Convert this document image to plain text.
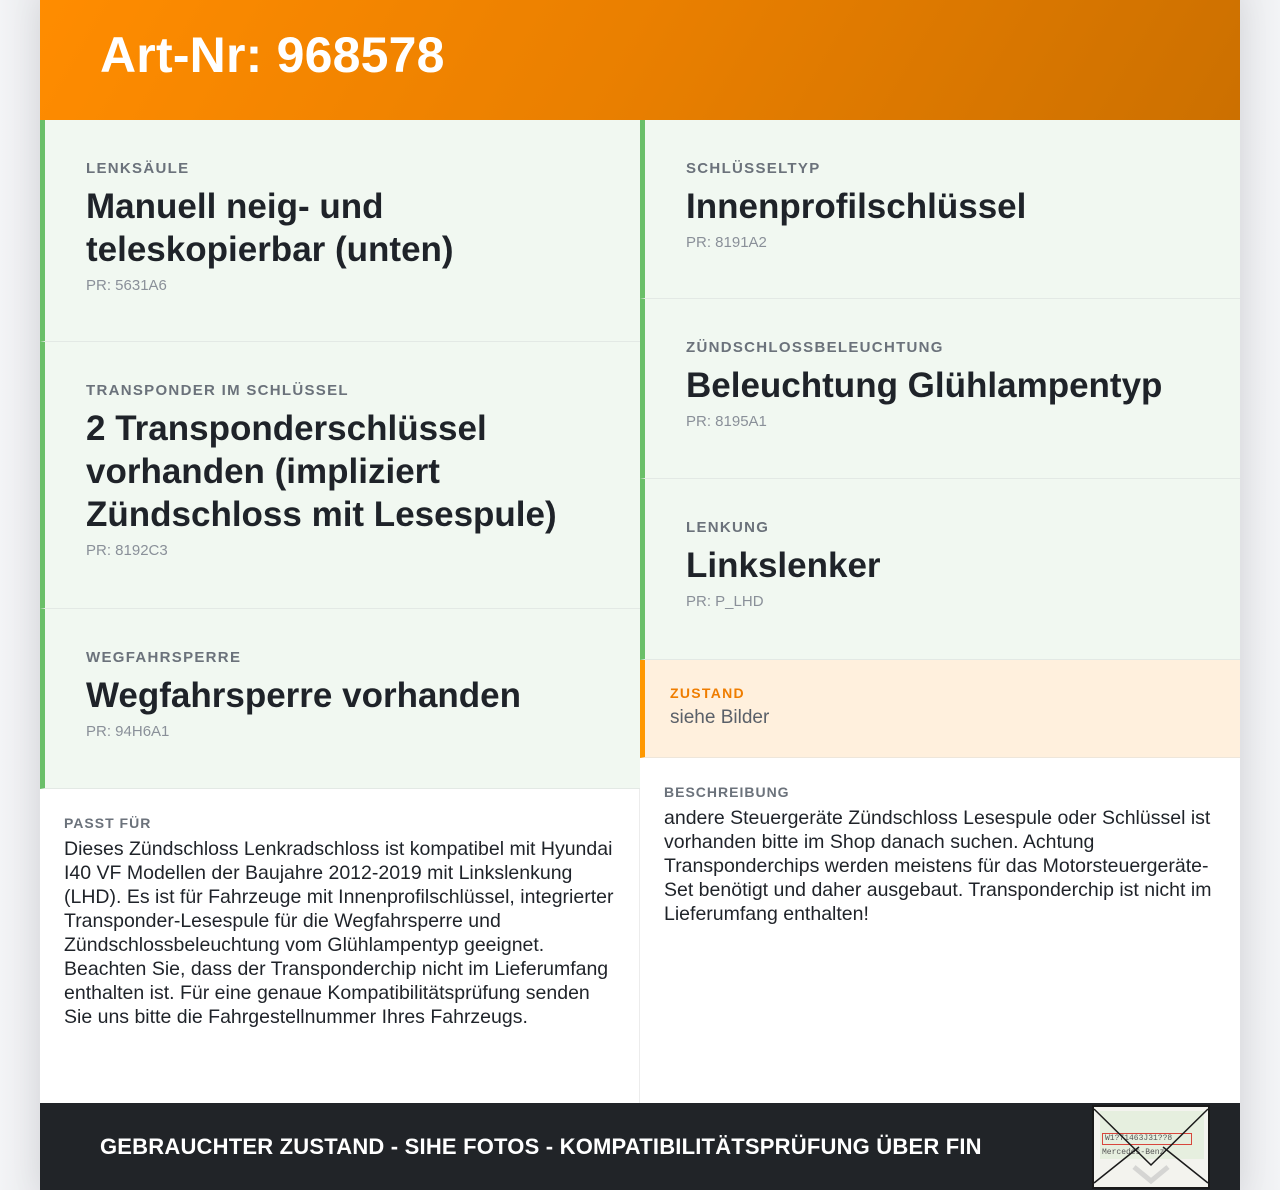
Art-Nr: 968578
LENKSÄULE
Manuell neig- und teleskopierbar (unten)
PR: 5631A6
TRANSPONDER IM SCHLÜSSEL
2 Transponderschlüssel vorhanden (impliziert Zündschloss mit Lesespule)
PR: 8192C3
WEGFAHRSPERRE
Wegfahrsperre vorhanden
PR: 94H6A1
PASST FÜR
Dieses Zündschloss Lenkradschloss ist kompatibel mit Hyundai I40 VF Modellen der Baujahre 2012-2019 mit Linkslenkung (LHD). Es ist für Fahrzeuge mit Innenprofilschlüssel, integrierter Transponder-Lesespule für die Wegfahrsperre und Zündschlossbeleuchtung vom Glühlampentyp geeignet. Beachten Sie, dass der Transponderchip nicht im Lieferumfang enthalten ist. Für eine genaue Kompatibilitätsprüfung senden Sie uns bitte die Fahrgestellnummer Ihres Fahrzeugs.
SCHLÜSSELTYP
Innenprofilschlüssel
PR: 8191A2
ZÜNDSCHLOSSBELEUCHTUNG
Beleuchtung Glühlampentyp
PR: 8195A1
LENKUNG
Linkslenker
PR: P_LHD
ZUSTAND
siehe Bilder
BESCHREIBUNG
andere Steuergeräte Zündschloss Lesespule oder Schlüssel ist vorhanden bitte im Shop danach suchen. Achtung Transponderchips werden meistens für das Motorsteuergeräte-Set benötigt und daher ausgebaut. Transponderchip ist nicht im Lieferumfang enthalten!
GEBRAUCHTER ZUSTAND - SIHE FOTOS - KOMPATIBILITÄTSPRÜFUNG ÜBER FIN	W1?71463J31??8
Mercedes-Benz
